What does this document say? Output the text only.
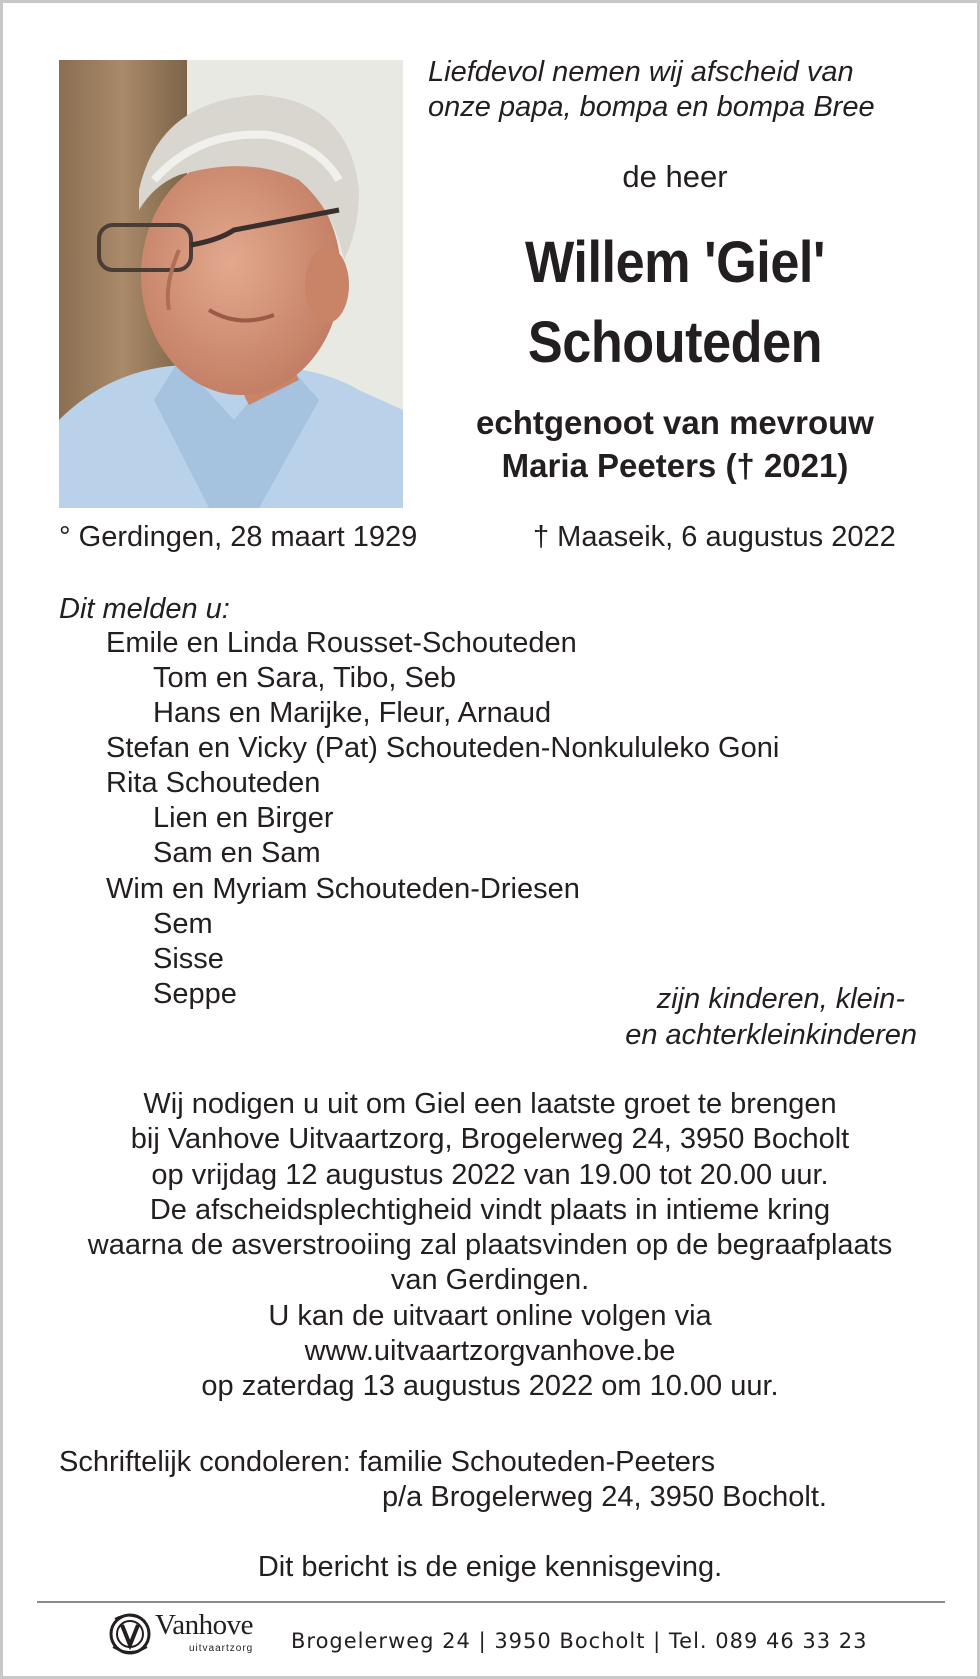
Liefdevol nemen wij afscheid van
onze papa, bompa en bompa Bree
de heer
Willem 'Giel'
Schouteden
echtgenoot van mevrouw
Maria Peeters († 2021)
° Gerdingen, 28 maart 1929	† Maaseik, 6 augustus 2022
Dit melden u:
Emile en Linda Rousset-Schouteden
Tom en Sara, Tibo, Seb
Hans en Marijke, Fleur, Arnaud
Stefan en Vicky (Pat) Schouteden-Nonkululeko Goni
Rita Schouteden
Lien en Birger
Sam en Sam
Wim en Myriam Schouteden-Driesen
Sem
Sisse
Seppe	zijn kinderen, klein-
en achterkleinkinderen
Wij nodigen u uit om Giel een laatste groet te brengen
bij Vanhove Uitvaartzorg, Brogelerweg 24, 3950 Bocholt
op vrijdag 12 augustus 2022 van 19.00 tot 20.00 uur.
De afscheidsplechtigheid vindt plaats in intieme kring
waarna de asverstrooiing zal plaatsvinden op de begraafplaats
van Gerdingen.
U kan de uitvaart online volgen via
www.uitvaartzorgvanhove.be
op zaterdag 13 augustus 2022 om 10.00 uur.
Schriftelijk condoleren: familie Schouteden-Peeters
p/a Brogelerweg 24, 3950 Bocholt.
Dit bericht is de enige kennisgeving.
Vanhove
uitvaartzorg Brogelerweg 24 | 3950 Bocholt | Tel. 089 46 33 23
